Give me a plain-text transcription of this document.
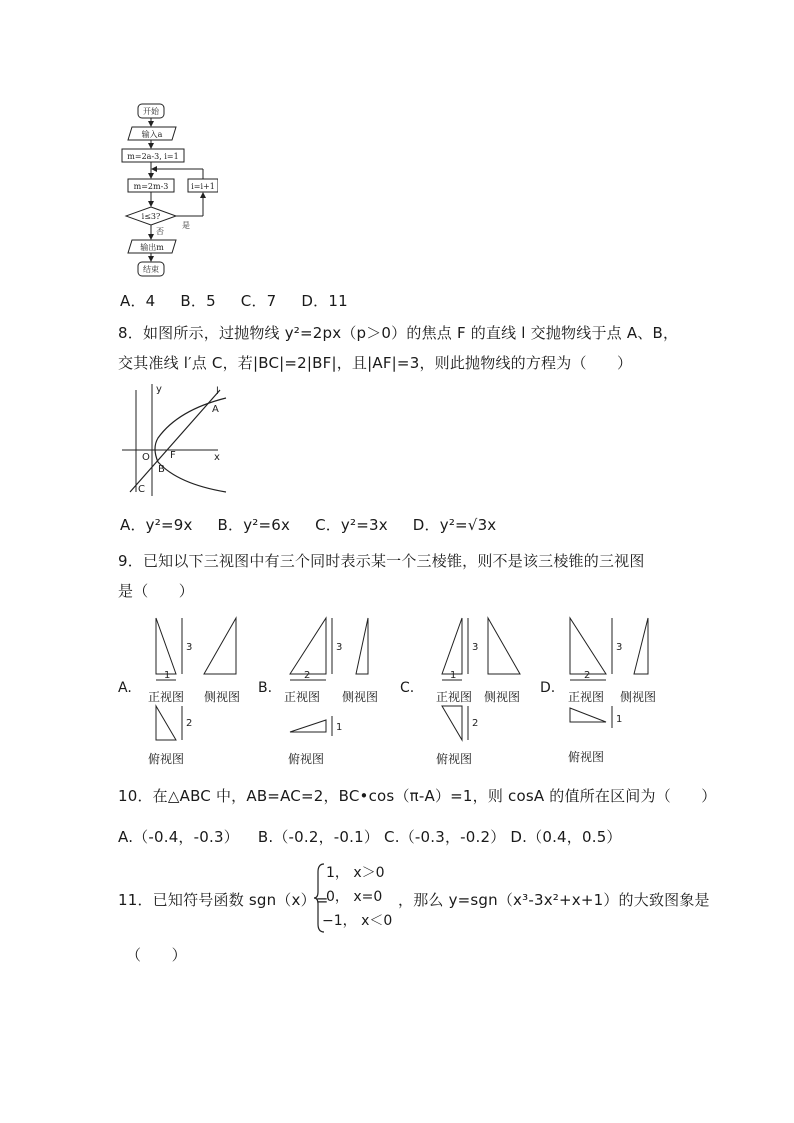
开始
输入a
m=2a-3, i=1
m=2m-3	i=i+1
i≤3?
是
否
输出m
结束
A．4 B．5 C．7 D．11
8．如图所示，过抛物线 y²=2px（p＞0）的焦点 F 的直线 l 交抛物线于点 A、B，
交其准线 l′点 C，若|BC|=2|BF|，且|AF|=3，则此抛物线的方程为（　　）
y
x
O F
A
B
C
l
A．y²=9x B．y²=6x C．y²=3x D．y²=√3x
9．已知以下三视图中有三个同时表示某一个三棱锥，则不是该三棱锥的三视图
是（　　）
A.
3
1
2
正视图 侧视图
俯视图
B.
3
2
1
正视图 侧视图
俯视图
C.
3
1
2
正视图 侧视图
俯视图
D.
3
2
1
正视图 侧视图
俯视图
10．在△ABC 中，AB=AC=2，BC•cos（π-A）=1，则 cosA 的值所在区间为（　　）
A.（-0.4，-0.3） B.（-0.2，-0.1） C.（-0.3，-0.2） D.（0.4，0.5）
11．已知符号函数 sgn（x）=
1， x＞0
0， x=0
−1， x＜0
，那么 y=sgn（x³-3x²+x+1）的大致图象是
（　　）
